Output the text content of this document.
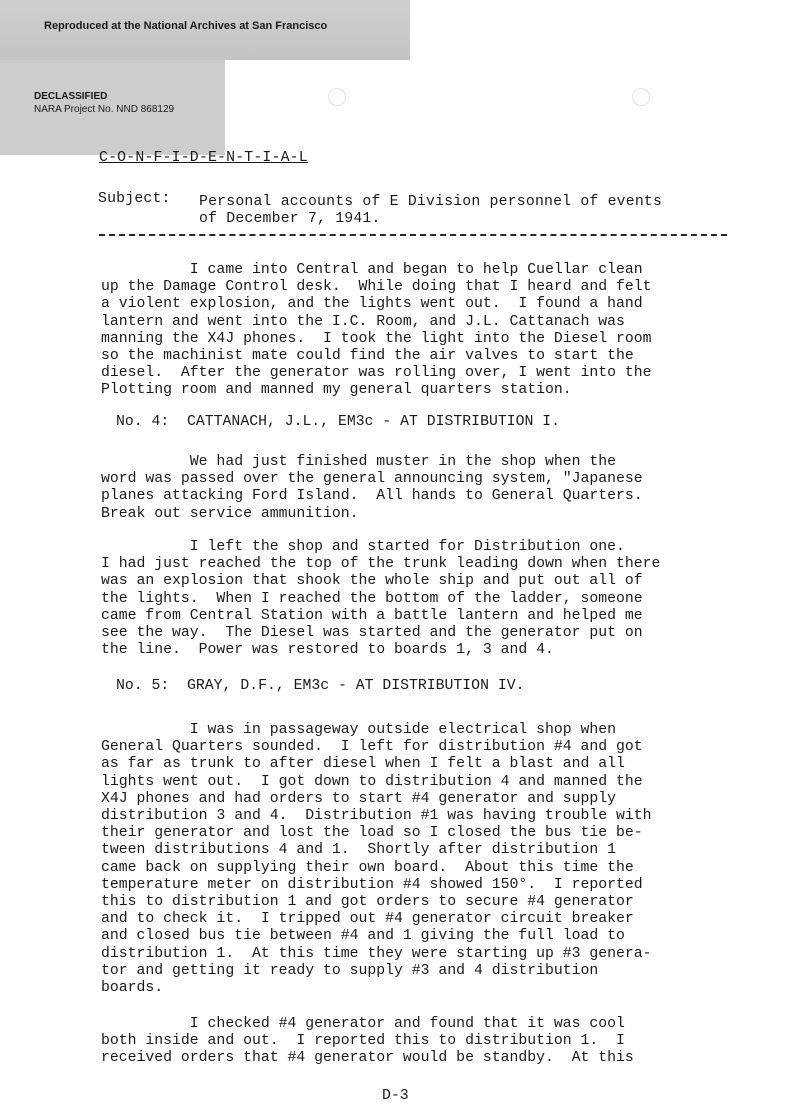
Reproduced at the National Archives at San Francisco
DECLASSIFIED
NARA Project No. NND 868129
C-O-N-F-I-D-E-N-T-I-A-L
Subject: Personal accounts of E Division personnel of events
of December 7, 1941.
I came into Central and began to help Cuellar clean
up the Damage Control desk.  While doing that I heard and felt
a violent explosion, and the lights went out.  I found a hand
lantern and went into the I.C. Room, and J.L. Cattanach was
manning the X4J phones.  I took the light into the Diesel room
so the machinist mate could find the air valves to start the
diesel.  After the generator was rolling over, I went into the
Plotting room and manned my general quarters station.
No. 4:  CATTANACH, J.L., EM3c - AT DISTRIBUTION I.
We had just finished muster in the shop when the
word was passed over the general announcing system, "Japanese
planes attacking Ford Island.  All hands to General Quarters.
Break out service ammunition.
I left the shop and started for Distribution one.
I had just reached the top of the trunk leading down when there
was an explosion that shook the whole ship and put out all of
the lights.  When I reached the bottom of the ladder, someone
came from Central Station with a battle lantern and helped me
see the way.  The Diesel was started and the generator put on
the line.  Power was restored to boards 1, 3 and 4.
No. 5:  GRAY, D.F., EM3c - AT DISTRIBUTION IV.
I was in passageway outside electrical shop when
General Quarters sounded.  I left for distribution #4 and got
as far as trunk to after diesel when I felt a blast and all
lights went out.  I got down to distribution 4 and manned the
X4J phones and had orders to start #4 generator and supply
distribution 3 and 4.  Distribution #1 was having trouble with
their generator and lost the load so I closed the bus tie be-
tween distributions 4 and 1.  Shortly after distribution 1
came back on supplying their own board.  About this time the
temperature meter on distribution #4 showed 150°.  I reported
this to distribution 1 and got orders to secure #4 generator
and to check it.  I tripped out #4 generator circuit breaker
and closed bus tie between #4 and 1 giving the full load to
distribution 1.  At this time they were starting up #3 genera-
tor and getting it ready to supply #3 and 4 distribution
boards.
I checked #4 generator and found that it was cool
both inside and out.  I reported this to distribution 1.  I
received orders that #4 generator would be standby.  At this
D-3
